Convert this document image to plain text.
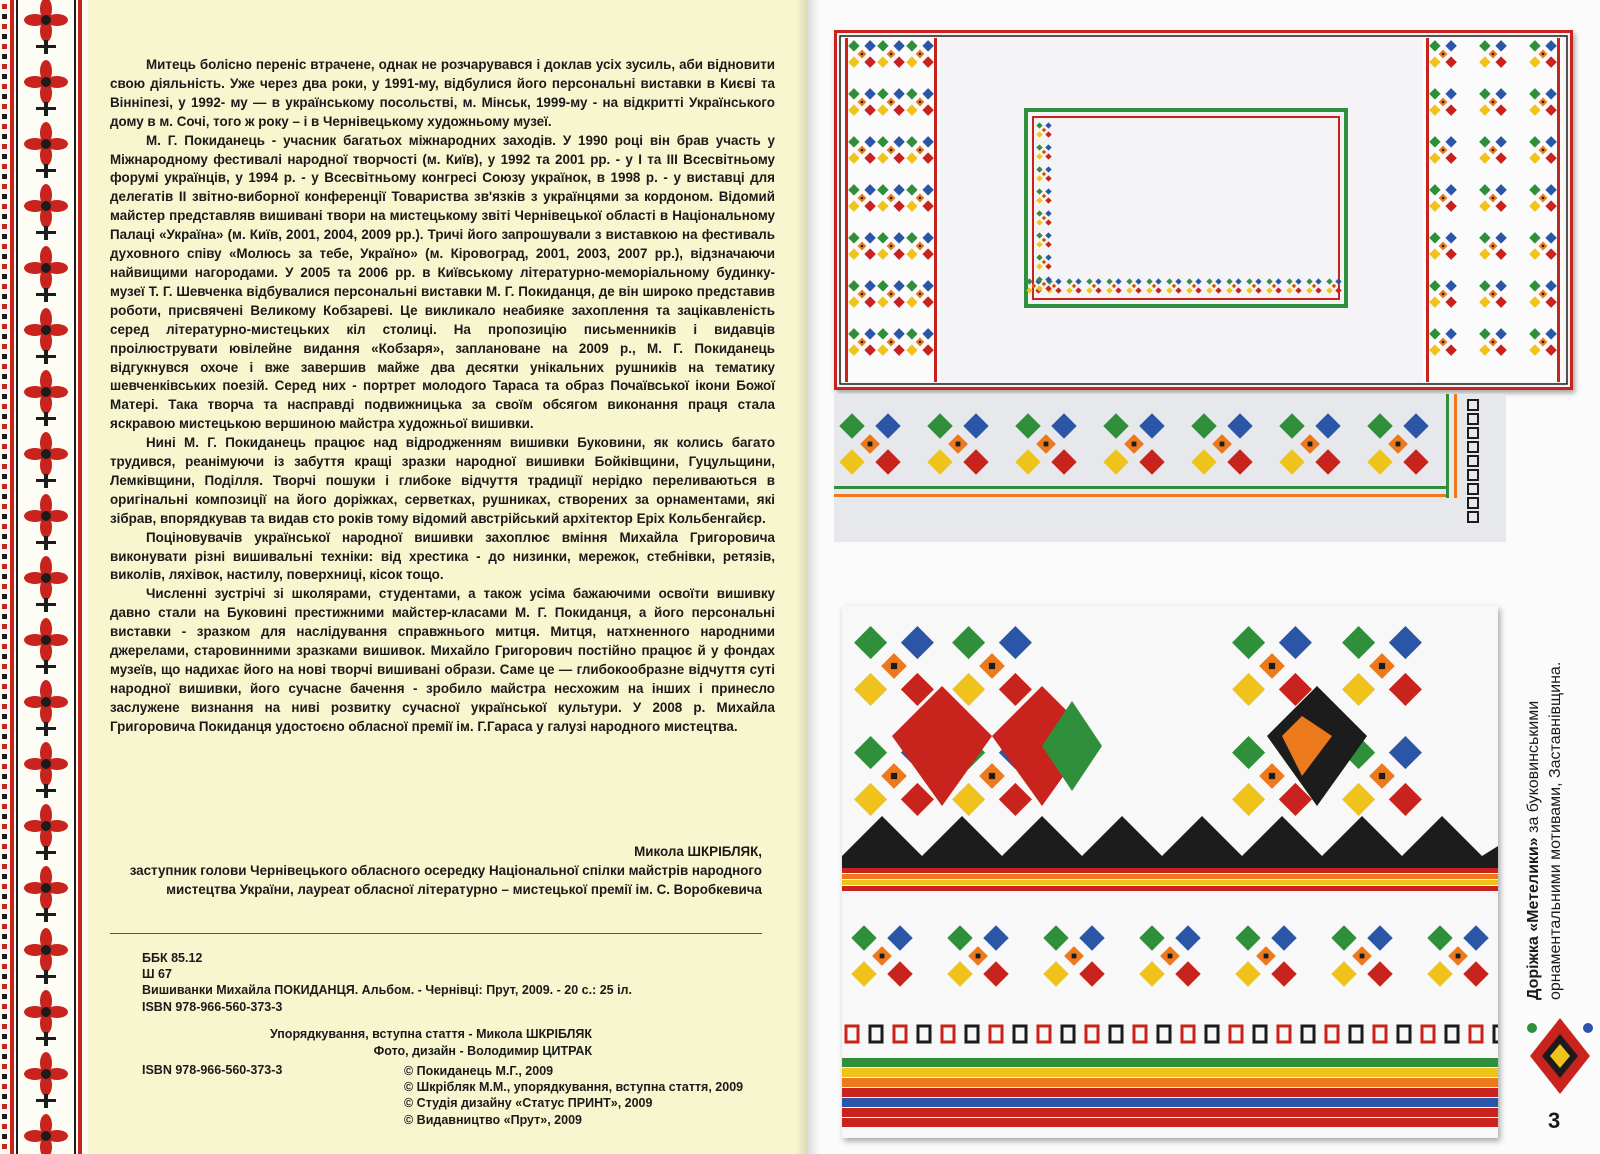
Митець болісно переніс втрачене, однак не розчарувався і доклав усіх зусиль, аби відновити свою діяльність. Уже через два роки, у 1991-му, відбулися його персональні виставки в Києві та Вінніпезі, у 1992- му — в українському посольстві, м. Мінськ, 1999-му - на відкритті Українського дому в м. Сочі, того ж року – і в Чернівецькому художньому музеї.

М. Г. Покиданець - учасник багатьох міжнародних заходів. У 1990 році він брав участь у Міжнародному фестивалі народної творчості (м. Київ), у 1992 та 2001 рр. - у І та ІІІ Всесвітньому форумі українців, у 1994 р. - у Всесвітньому конгресі Союзу українок, в 1998 р. - у виставці для делегатів ІІ звітно-виборної конференції Товариства зв'язків з українцями за кордоном. Відомий майстер представляв вишивані твори на мистецькому звіті Чернівецької області в Національному Палаці «Україна» (м. Київ, 2001, 2004, 2009 рр.). Тричі його запрошували з виставкою на фестиваль духовного співу «Молюсь за тебе, Україно» (м. Кіровоград, 2001, 2003, 2007 рр.), відзначаючи найвищими нагородами. У 2005 та 2006 рр. в Київському літературно-меморіальному будинку-музеї Т. Г. Шевченка відбувалися персональні виставки М. Г. Покиданця, де він широко представив роботи, присвячені Великому Кобзареві. Це викликало неабияке захоплення та зацікавленість серед літературно-мистецьких кіл столиці. На пропозицію письменників і видавців проілюструвати ювілейне видання «Кобзаря», заплановане на 2009 р., М. Г. Покиданець відгукнувся охоче і вже завершив майже два десятки унікальних рушників на тематику шевченківських поезій. Серед них - портрет молодого Тараса та образ Почаївської ікони Божої Матері. Така творча та насправді подвижницька за своїм обсягом виконання праця стала яскравою мистецькою вершиною майстра художньої вишивки.

Нині М. Г. Покиданець працює над відродженням вишивки Буковини, як колись багато трудився, реанімуючи із забуття кращі зразки народної вишивки Бойківщини, Гуцульщини, Лемківщини, Поділля. Творчі пошуки і глибоке відчуття традиції нерідко переливаються в оригінальні композиції на його доріжках, серветках, рушниках, створених за орнаментами, які зібрав, впорядкував та видав сто років тому відомий австрійський архітектор Еріх Кольбенгайєр.

Поціновувачів української народної вишивки захоплює вміння Михайла Григоровича виконувати різні вишивальні техніки: від хрестика - до низинки, мережок, стебнівки, ретязів, виколів, ляхівок, настилу, поверхниці, кісок тощо.

Численні зустрічі зі школярами, студентами, а також усіма бажаючими освоїти вишивку давно стали на Буковині престижними майстер-класами М. Г. Покиданця, а його персональні виставки - зразком для наслідування справжнього митця. Митця, натхненного народними джерелами, старовинними зразками вишивок. Михайло Григорович постійно працює й у фондах музеїв, що надихає його на нові творчі вишивані образи. Саме це — глибокообразне відчуття суті народної вишивки, його сучасне бачення - зробило майстра несхожим на інших і принесло заслужене визнання на ниві розвитку сучасної української культури. У 2008 р. Михайла Григоровича Покиданця удостоєно обласної премії ім. Г.Гараса у галузі народного мистецтва.

Микола ШКРІБЛЯК,
заступник голови Чернівецького обласного осередку Національної спілки майстрів народного мистецтва України, лауреат обласної літературно – мистецької премії ім. С. Воробкевича
ББК 85.12
Ш 67
Вишиванки Михайла ПОКИДАНЦЯ. Альбом. - Чернівці: Прут, 2009. - 20 с.: 25 іл.
ISBN 978-966-560-373-3
Упорядкування, вступна стаття - Микола ШКРІБЛЯК
Фото, дизайн - Володимир ЦИТРАК
ISBN 978-966-560-373-3	© Покиданець М.Г., 2009
© Шкрібляк М.М., упорядкування, вступна стаття, 2009
© Студія дизайну «Статус ПРИНТ», 2009
© Видавництво «Прут», 2009
Доріжка «Метелики» за буковинськими орнаментальними мотивами, Заставнівщина.
3
